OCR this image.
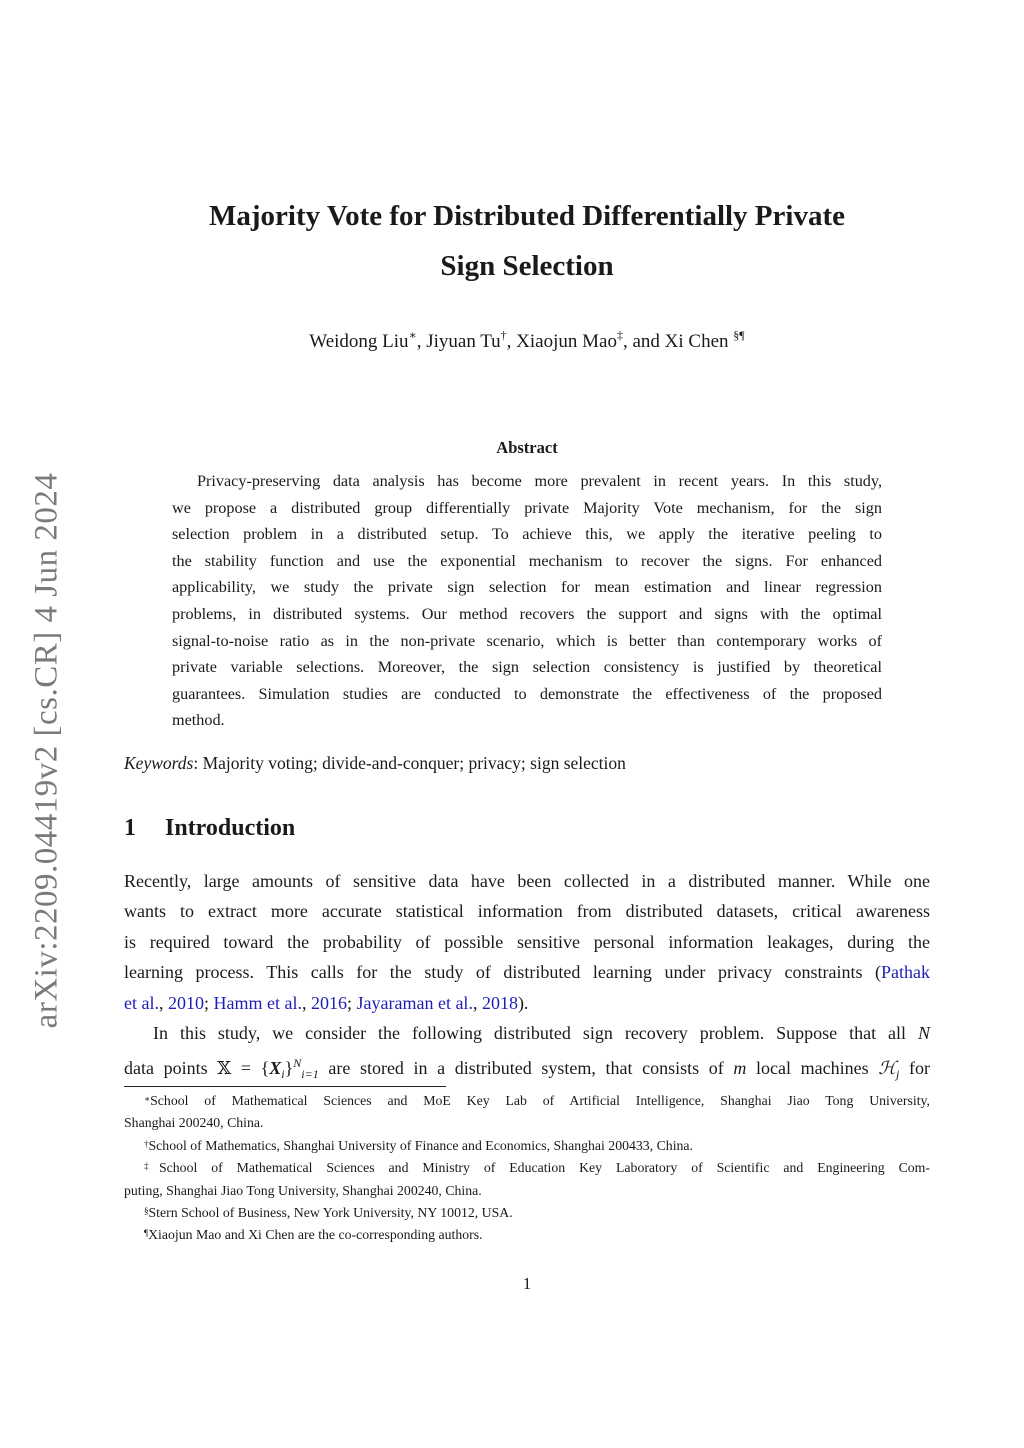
arXiv:2209.04419v2 [cs.CR] 4 Jun 2024
Majority Vote for Distributed Differentially Private
Sign Selection
Weidong Liu∗, Jiyuan Tu†, Xiaojun Mao‡, and Xi Chen §¶
Abstract
Privacy-preserving data analysis has become more prevalent in recent years. In this study,
we propose a distributed group differentially private Majority Vote mechanism, for the sign
selection problem in a distributed setup. To achieve this, we apply the iterative peeling to
the stability function and use the exponential mechanism to recover the signs. For enhanced
applicability, we study the private sign selection for mean estimation and linear regression
problems, in distributed systems. Our method recovers the support and signs with the optimal
signal-to-noise ratio as in the non-private scenario, which is better than contemporary works of
private variable selections. Moreover, the sign selection consistency is justified by theoretical
guarantees. Simulation studies are conducted to demonstrate the effectiveness of the proposed
method.
Keywords: Majority voting; divide-and-conquer; privacy; sign selection
1 Introduction
Recently, large amounts of sensitive data have been collected in a distributed manner. While one
wants to extract more accurate statistical information from distributed datasets, critical awareness
is required toward the probability of possible sensitive personal information leakages, during the
learning process. This calls for the study of distributed learning under privacy constraints (Pathak
et al., 2010; Hamm et al., 2016; Jayaraman et al., 2018).
In this study, we consider the following distributed sign recovery problem. Suppose that all N
data points 𝕏 = $\{X_i\}^N_{i=1}$ are stored in a distributed system, that consists of m local machines ℋ$_j$ for
∗School of Mathematical Sciences and MoE Key Lab of Artificial Intelligence, Shanghai Jiao Tong University,
Shanghai 200240, China.
†School of Mathematics, Shanghai University of Finance and Economics, Shanghai 200433, China.
‡School of Mathematical Sciences and Ministry of Education Key Laboratory of Scientific and Engineering Com-
puting, Shanghai Jiao Tong University, Shanghai 200240, China.
§Stern School of Business, New York University, NY 10012, USA.
¶Xiaojun Mao and Xi Chen are the co-corresponding authors.
1
